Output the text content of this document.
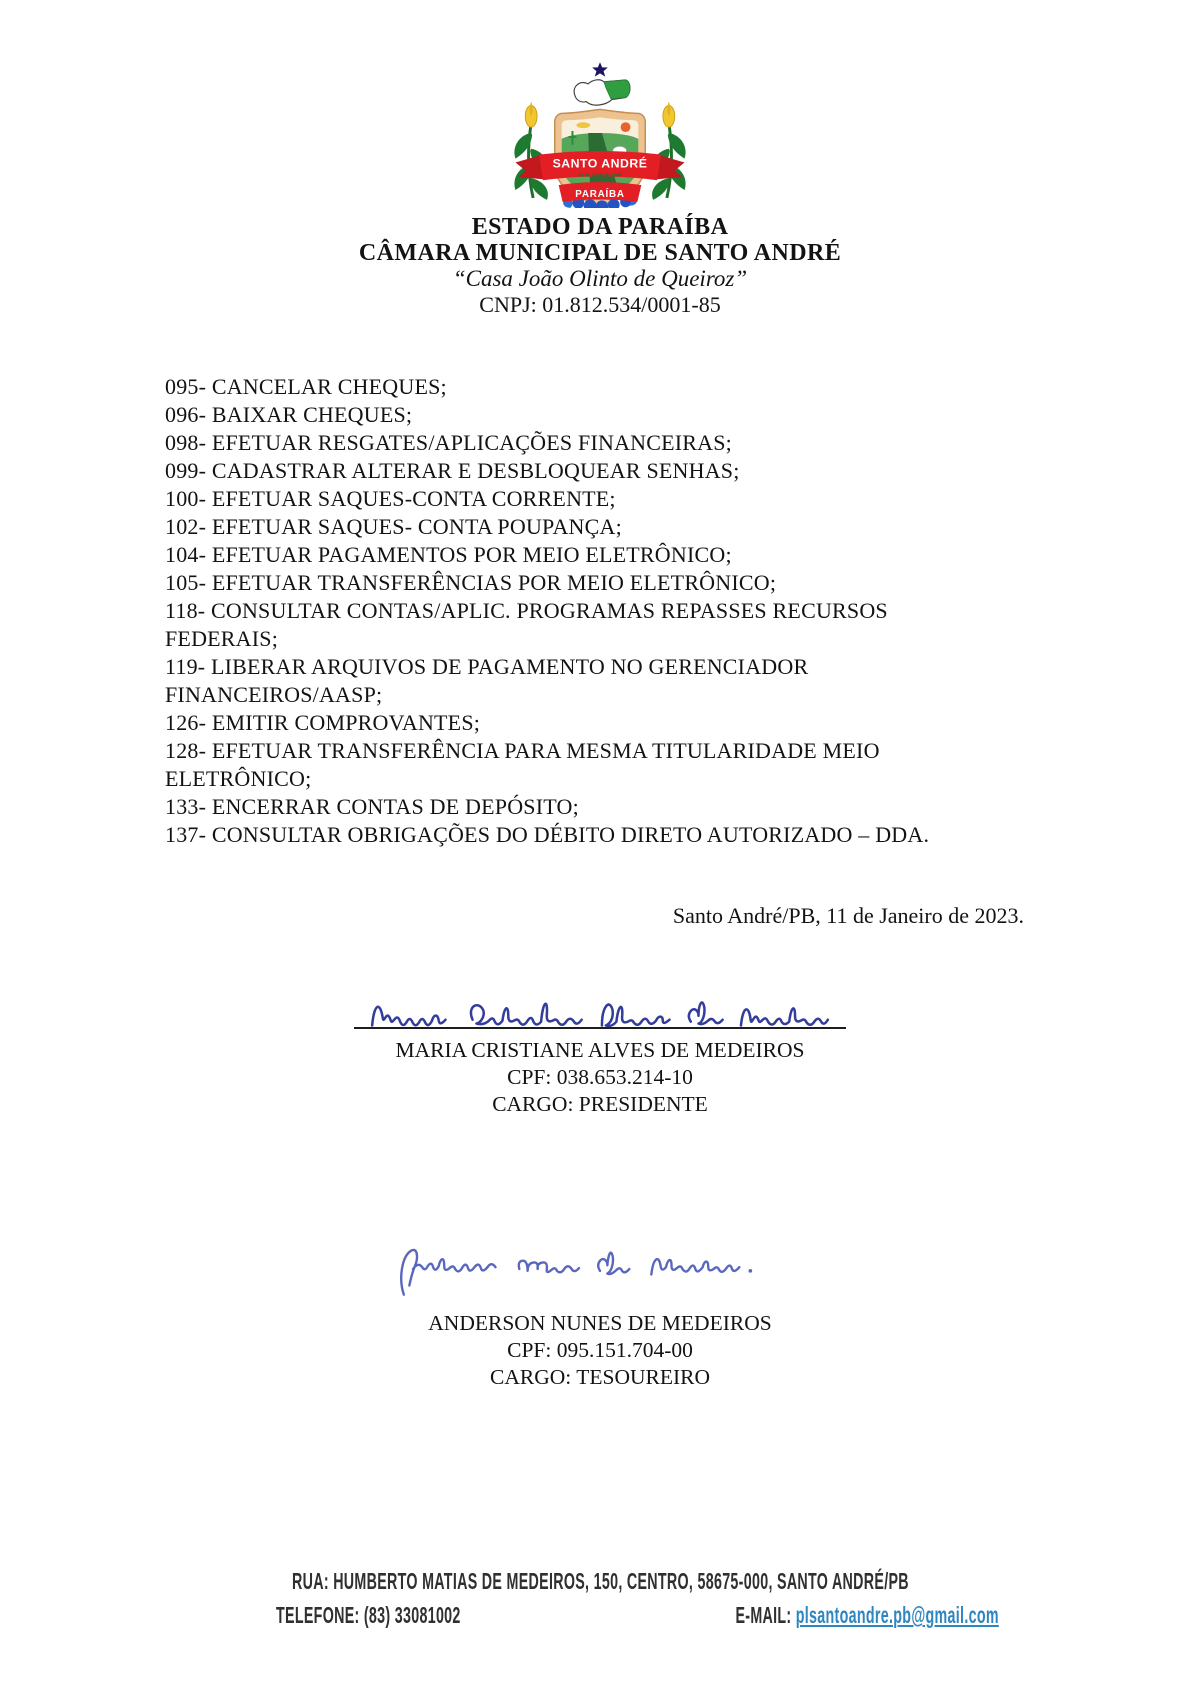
SANTO ANDRÉ
28 de Abril de 1994
PARAÍBA
ESTADO DA PARAÍBA
CÂMARA MUNICIPAL DE SANTO ANDRÉ
“Casa João Olinto de Queiroz”
CNPJ: 01.812.534/0001-85
095- CANCELAR CHEQUES;
096- BAIXAR CHEQUES;
098- EFETUAR RESGATES/APLICAÇÕES FINANCEIRAS;
099- CADASTRAR ALTERAR E DESBLOQUEAR SENHAS;
100- EFETUAR SAQUES-CONTA CORRENTE;
102- EFETUAR SAQUES- CONTA POUPANÇA;
104- EFETUAR PAGAMENTOS POR MEIO ELETRÔNICO;
105- EFETUAR TRANSFERÊNCIAS POR MEIO ELETRÔNICO;
118- CONSULTAR CONTAS/APLIC. PROGRAMAS REPASSES RECURSOS
FEDERAIS;
119- LIBERAR ARQUIVOS DE PAGAMENTO NO GERENCIADOR
FINANCEIROS/AASP;
126- EMITIR COMPROVANTES;
128- EFETUAR TRANSFERÊNCIA PARA MESMA TITULARIDADE MEIO
ELETRÔNICO;
133- ENCERRAR CONTAS DE DEPÓSITO;
137- CONSULTAR OBRIGAÇÕES DO DÉBITO DIRETO AUTORIZADO – DDA.
Santo André/PB, 11 de Janeiro de 2023.
MARIA CRISTIANE ALVES DE MEDEIROS
CPF: 038.653.214-10
CARGO: PRESIDENTE
ANDERSON NUNES DE MEDEIROS
CPF: 095.151.704-00
CARGO: TESOUREIRO
RUA: HUMBERTO MATIAS DE MEDEIROS, 150, CENTRO, 58675-000, SANTO ANDRÉ/PB
TELEFONE: (83) 33081002	E-MAIL: plsantoandre.pb@gmail.com
